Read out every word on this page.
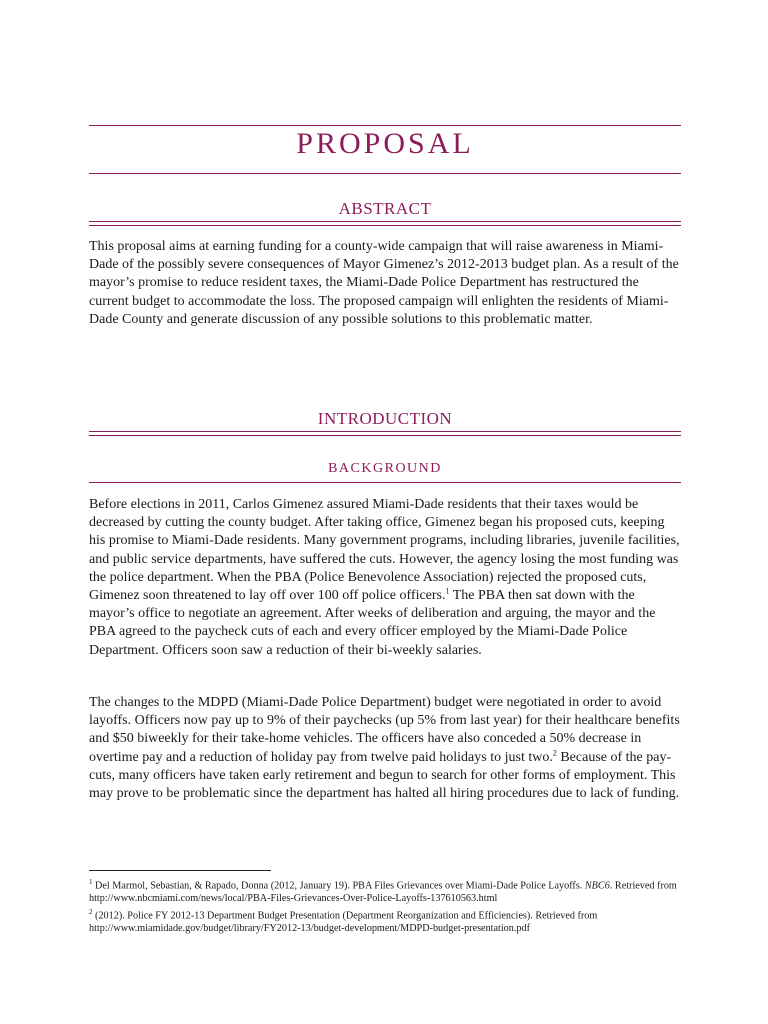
PROPOSAL
ABSTRACT

This proposal aims at earning funding for a county-wide campaign that will raise awareness in Miami-Dade of the possibly severe consequences of Mayor Gimenez’s 2012-2013 budget plan. As a result of the mayor’s promise to reduce resident taxes, the Miami-Dade Police Department has restructured the current budget to accommodate the loss. The proposed campaign will enlighten the residents of Miami-Dade County and generate discussion of any possible solutions to this problematic matter.

INTRODUCTION
BACKGROUND

Before elections in 2011, Carlos Gimenez assured Miami-Dade residents that their taxes would be decreased by cutting the county budget. After taking office, Gimenez began his proposed cuts, keeping his promise to Miami-Dade residents. Many government programs, including libraries, juvenile facilities, and public service departments, have suffered the cuts. However, the agency losing the most funding was the police department. When the PBA (Police Benevolence Association) rejected the proposed cuts, Gimenez soon threatened to lay off over 100 off police officers.$^1$ The PBA then sat down with the mayor’s office to negotiate an agreement. After weeks of deliberation and arguing, the mayor and the PBA agreed to the paycheck cuts of each and every officer employed by the Miami-Dade Police Department. Officers soon saw a reduction of their bi-weekly salaries.

The changes to the MDPD (Miami-Dade Police Department) budget were negotiated in order to avoid layoffs. Officers now pay up to 9% of their paychecks (up 5% from last year) for their healthcare benefits and $50 biweekly for their take-home vehicles. The officers have also conceded a 50% decrease in overtime pay and a reduction of holiday pay from twelve paid holidays to just two.$^2$ Because of the pay-cuts, many officers have taken early retirement and begun to search for other forms of employment. This may prove to be problematic since the department has halted all hiring procedures due to lack of funding.

$^1$ Del Marmol, Sebastian, & Rapado, Donna (2012, January 19). PBA Files Grievances over Miami-Dade Police Layoffs. NBC6. Retrieved from http://www.nbcmiami.com/news/local/PBA-Files-Grievances-Over-Police-Layoffs-137610563.html

$^2$ (2012). Police FY 2012-13 Department Budget Presentation (Department Reorganization and Efficiencies). Retrieved from http://www.miamidade.gov/budget/library/FY2012-13/budget-development/MDPD-budget-presentation.pdf
